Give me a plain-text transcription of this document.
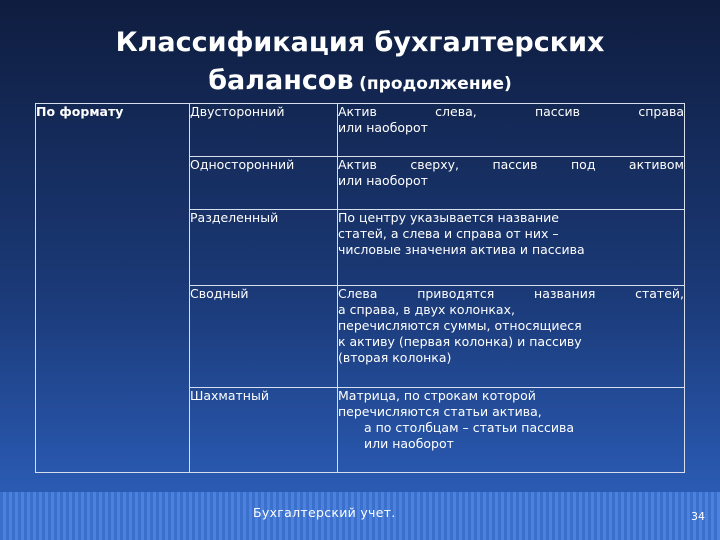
Классификация бухгалтерских
балансов (продолжение)
По формату	Двусторонний	Актив слева, пассив справа
или наоборот

	Односторонний	Актив сверху, пассив под активом
или наоборот

	Разделенный	По центру указывается название
статей, а слева и справа от них –
числовые значения актива и пассива

	Сводный	Слева приводятся названия статей,
а справа, в двух колонках,
перечисляются суммы, относящиеся
к активу (первая колонка) и пассиву
(вторая колонка)

	Шахматный	Матрица, по строкам которой
перечисляются статьи актива,
а по столбцам – статьи пассива
или наоборот
Бухгалтерский учет.	34
